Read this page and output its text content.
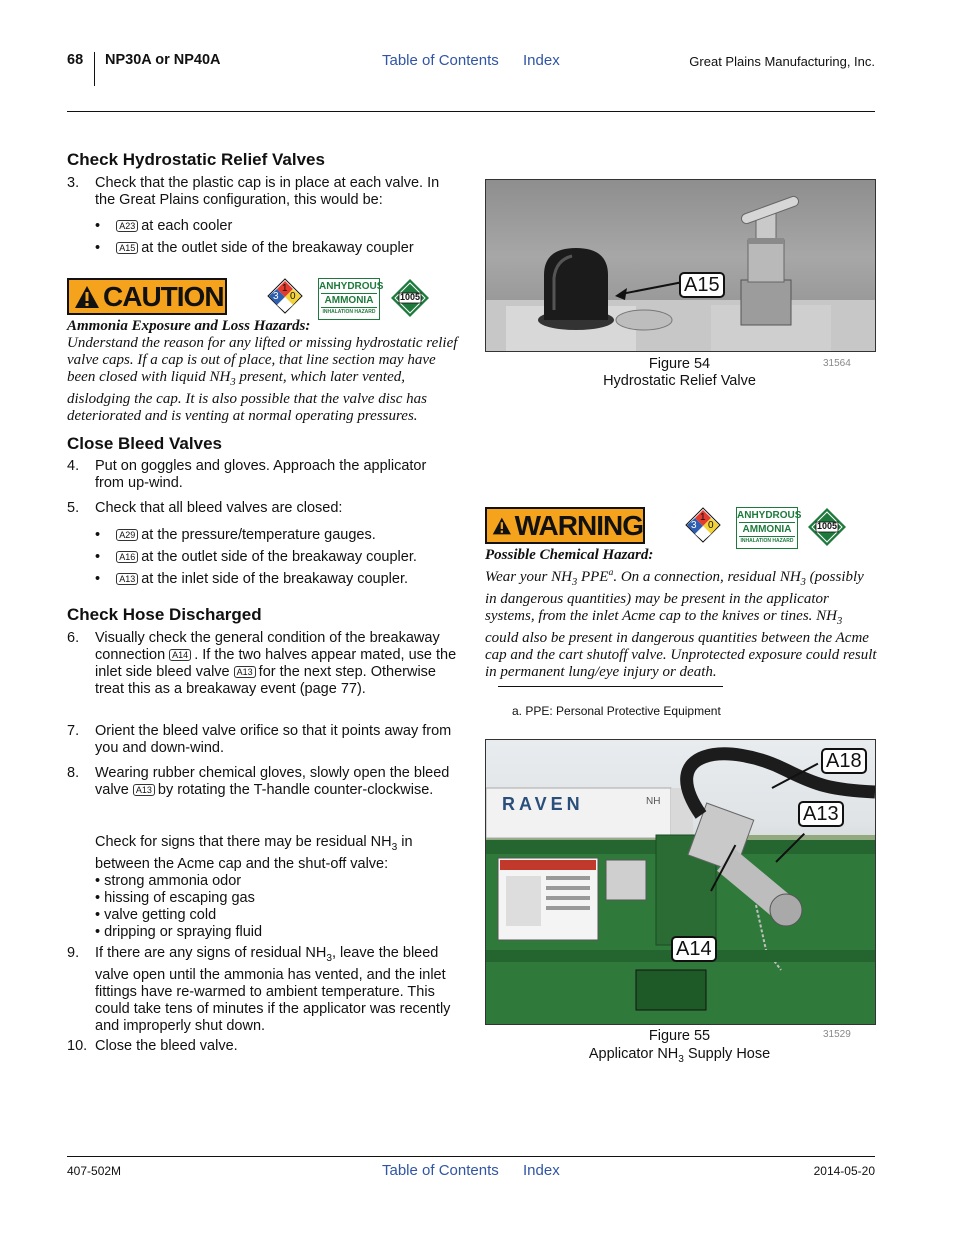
68 NP30A or NP40A	Table of Contents Index	Great Plains Manufacturing, Inc.
Check Hydrostatic Relief Valves
3. Check that the plastic cap is in place at each valve. In the Great Plains configuration, this would be:
•    A23 at each cooler
•    A15 at the outlet side of the breakaway coupler
CAUTION	1
3 0
ANHYDROUS
AMMONIA
INHALATION HAZARD
1005
Ammonia Exposure and Loss Hazards:
Understand the reason for any lifted or missing hydrostatic relief valve caps. If a cap is out of place, that line section may have been closed with liquid $NH_3$ present, which later vented, dislodging the cap. It is also possible that the valve disc has deteriorated and is venting at normal operating pressures.
Close Bleed Valves
4. Put on goggles and gloves. Approach the applicator from up-wind.
5. Check that all bleed valves are closed:
•    A29 at the pressure/temperature gauges.
•    A16 at the outlet side of the breakaway coupler.
•    A13 at the inlet side of the breakaway coupler.
Check Hose Discharged
6. Visually check the general condition of the breakaway connection A14 . If the two halves appear mated, use the inlet side bleed valve A13 for the next step. Otherwise treat this as a breakaway event (page 77).
7. Orient the bleed valve orifice so that it points away from you and down-wind.
8. Wearing rubber chemical gloves, slowly open the bleed valve A13 by rotating the T-handle counter-clockwise.
Check for signs that there may be residual $NH_3$ in between the Acme cap and the shut-off valve:
• strong ammonia odor
• hissing of escaping gas
• valve getting cold
• dripping or spraying fluid
9. If there are any signs of residual $NH_3$, leave the bleed valve open until the ammonia has vented, and the inlet fittings have re-warmed to ambient temperature. This could take tens of minutes if the applicator was recently and improperly shut down.
10. Close the bleed valve.
A15
Figure 54
Hydrostatic Relief Valve
31564
WARNING	1
3 0
ANHYDROUS
AMMONIA
INHALATION HAZARD
1005
Possible Chemical Hazard:
Wear your $NH_3$ PPE$^a$. On a connection, residual $NH_3$ (possibly in dangerous quantities) may be present in the applicator systems, from the inlet Acme cap to the knives or tines. $NH_3$ could also be present in dangerous quantities between the Acme cap and the cart shutoff valve. Unprotected exposure could result in permanent lung/eye injury or death.
a. PPE: Personal Protective Equipment
RAVEN	NH
A18
A13
A14
Figure 55
Applicator $NH_3$ Supply Hose
31529
407-502M	Table of Contents Index	2014-05-20
